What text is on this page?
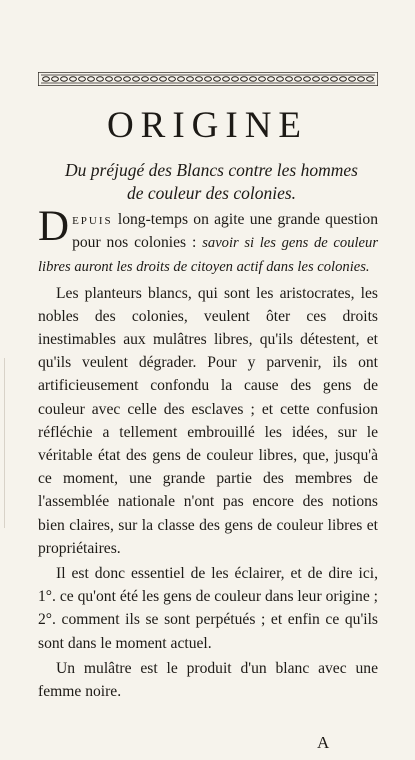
ORIGINE

Du préjugé des Blancs contre les hommes
de couleur des colonies.

Depuis long-temps on agite une grande question pour nos colonies : savoir si les gens de couleur libres auront les droits de citoyen actif dans les colonies.

Les planteurs blancs, qui sont les aristocrates, les nobles des colonies, veulent ôter ces droits inestimables aux mulâtres libres, qu'ils détestent, et qu'ils veulent dégrader. Pour y parvenir, ils ont artificieusement confondu la cause des gens de couleur avec celle des esclaves ; et cette confusion réfléchie a tellement embrouillé les idées, sur le véritable état des gens de couleur libres, que, jusqu'à ce moment, une grande partie des membres de l'assemblée nationale n'ont pas encore des notions bien claires, sur la classe des gens de couleur libres et propriétaires.

Il est donc essentiel de les éclairer, et de dire ici, 1°. ce qu'ont été les gens de couleur dans leur origine ; 2°. comment ils se sont perpétués ; et enfin ce qu'ils sont dans le moment actuel.

Un mulâtre est le produit d'un blanc avec une femme noire.

A
